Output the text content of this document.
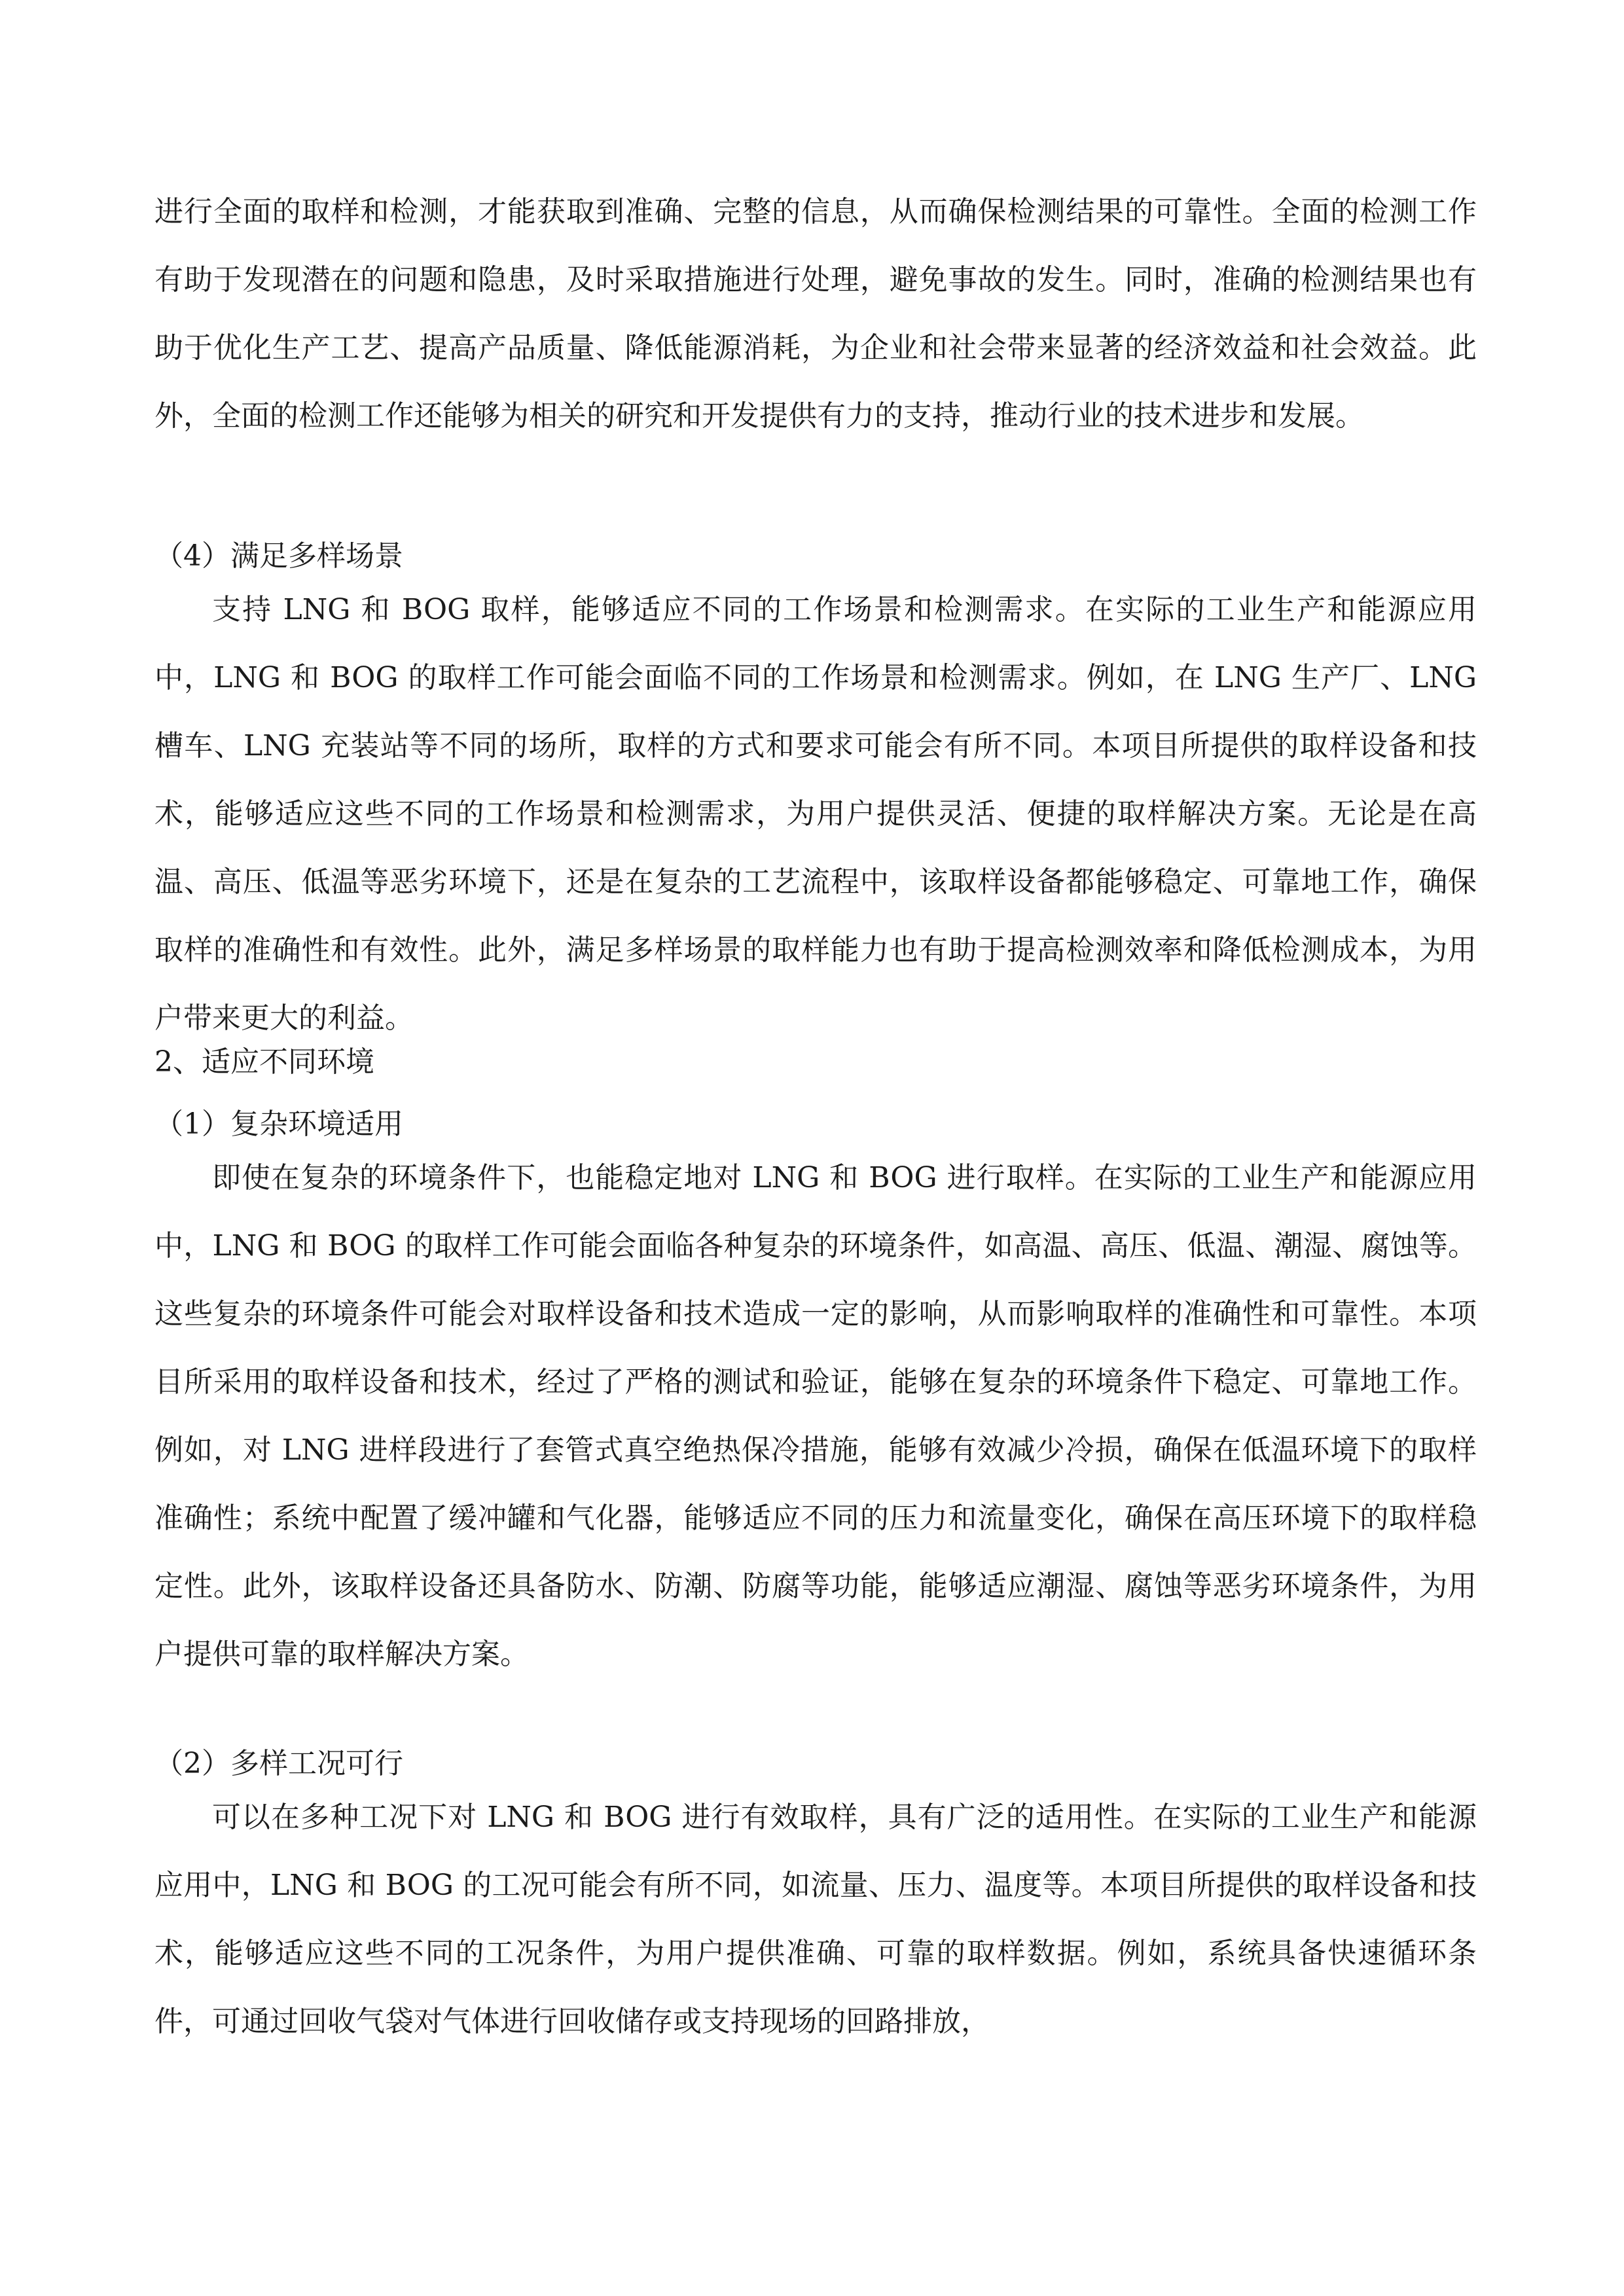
进行全面的取样和检测，才能获取到准确、完整的信息，从而确保检测结果的可靠性。全面的检测工作有助于发现潜在的问题和隐患，及时采取措施进行处理，避免事故的发生。同时，准确的检测结果也有助于优化生产工艺、提高产品质量、降低能源消耗，为企业和社会带来显著的经济效益和社会效益。此外，全面的检测工作还能够为相关的研究和开发提供有力的支持，推动行业的技术进步和发展。

（4）满足多样场景

支持 LNG 和 BOG 取样，能够适应不同的工作场景和检测需求。在实际的工业生产和能源应用中，LNG 和 BOG 的取样工作可能会面临不同的工作场景和检测需求。例如，在 LNG 生产厂、LNG 槽车、LNG 充装站等不同的场所，取样的方式和要求可能会有所不同。本项目所提供的取样设备和技术，能够适应这些不同的工作场景和检测需求，为用户提供灵活、便捷的取样解决方案。无论是在高温、高压、低温等恶劣环境下，还是在复杂的工艺流程中，该取样设备都能够稳定、可靠地工作，确保取样的准确性和有效性。此外，满足多样场景的取样能力也有助于提高检测效率和降低检测成本，为用户带来更大的利益。

2、适应不同环境

（1）复杂环境适用

即使在复杂的环境条件下，也能稳定地对 LNG 和 BOG 进行取样。在实际的工业生产和能源应用中，LNG 和 BOG 的取样工作可能会面临各种复杂的环境条件，如高温、高压、低温、潮湿、腐蚀等。这些复杂的环境条件可能会对取样设备和技术造成一定的影响，从而影响取样的准确性和可靠性。本项目所采用的取样设备和技术，经过了严格的测试和验证，能够在复杂的环境条件下稳定、可靠地工作。例如，对 LNG 进样段进行了套管式真空绝热保冷措施，能够有效减少冷损，确保在低温环境下的取样准确性；系统中配置了缓冲罐和气化器，能够适应不同的压力和流量变化，确保在高压环境下的取样稳定性。此外，该取样设备还具备防水、防潮、防腐等功能，能够适应潮湿、腐蚀等恶劣环境条件，为用户提供可靠的取样解决方案。

（2）多样工况可行

可以在多种工况下对 LNG 和 BOG 进行有效取样，具有广泛的适用性。在实际的工业生产和能源应用中，LNG 和 BOG 的工况可能会有所不同，如流量、压力、温度等。本项目所提供的取样设备和技术，能够适应这些不同的工况条件，为用户提供准确、可靠的取样数据。例如，系统具备快速循环条件，可通过回收气袋对气体进行回收储存或支持现场的回路排放，
